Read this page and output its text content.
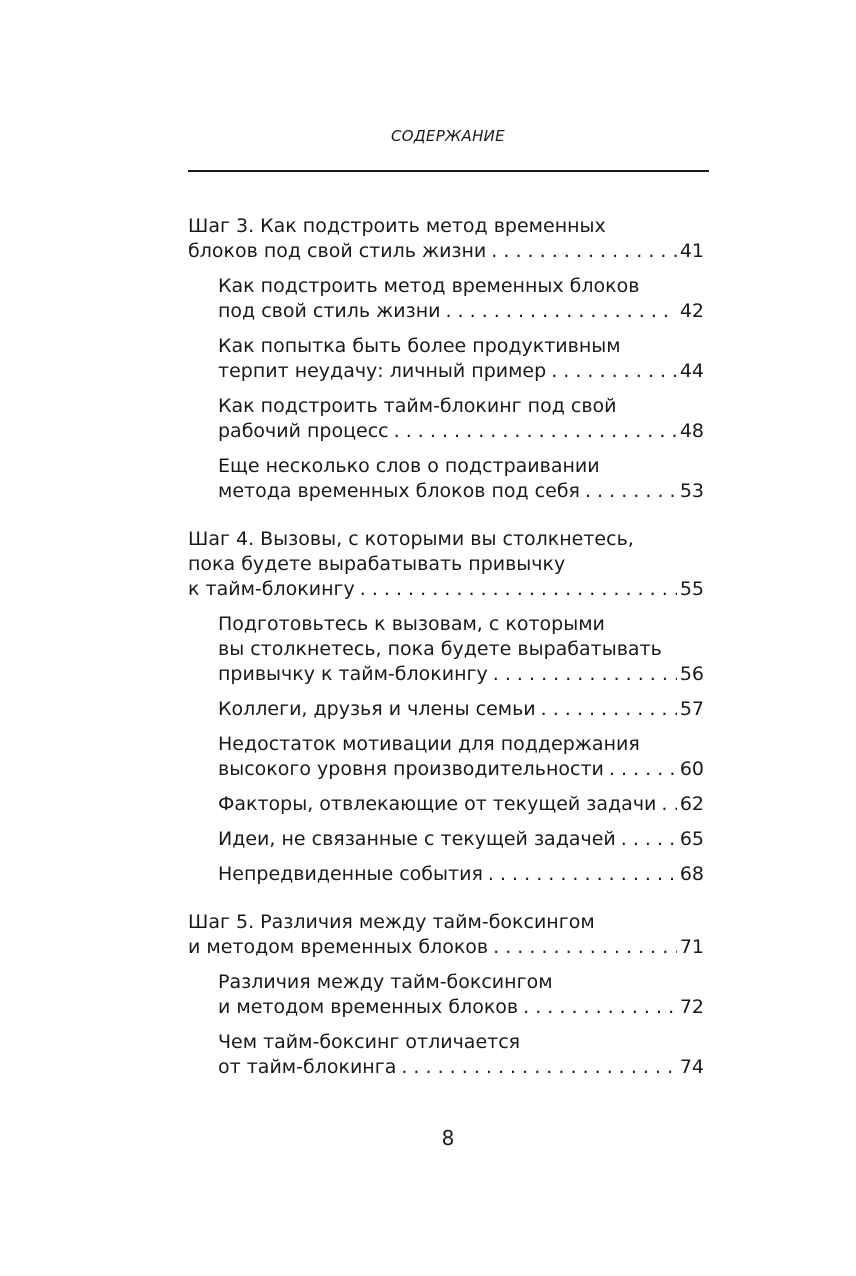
СОДЕРЖАНИЕ
Шаг 3. Как подстроить метод временных
блоков под свой стиль жизни . . .	41
Как подстроить метод временных блоков
под свой стиль жизни . . .	42
Как попытка быть более продуктивным
терпит неудачу: личный пример . . .	44
Как подстроить тайм-блокинг под свой
рабочий процесс . . .	48
Еще несколько слов о подстраивании
метода временных блоков под себя . . .	53
Шаг 4. Вызовы, с которыми вы столкнетесь,
пока будете вырабатывать привычку
к тайм-блокингу . . .	55
Подготовьтесь к вызовам, с которыми
вы столкнетесь, пока будете вырабатывать
привычку к тайм-блокингу . . .	56
Коллеги, друзья и члены семьи . . .	57
Недостаток мотивации для поддержания
высокого уровня производительности . . .	60
Факторы, отвлекающие от текущей задачи . . . 62
Идеи, не связанные с текущей задачей . . .	65
Непредвиденные события . . .	68
Шаг 5. Различия между тайм-боксингом
и методом временных блоков . . .	71
Различия между тайм-боксингом
и методом временных блоков . . .	72
Чем тайм-боксинг отличается
от тайм-блокинга . . .	74
8
